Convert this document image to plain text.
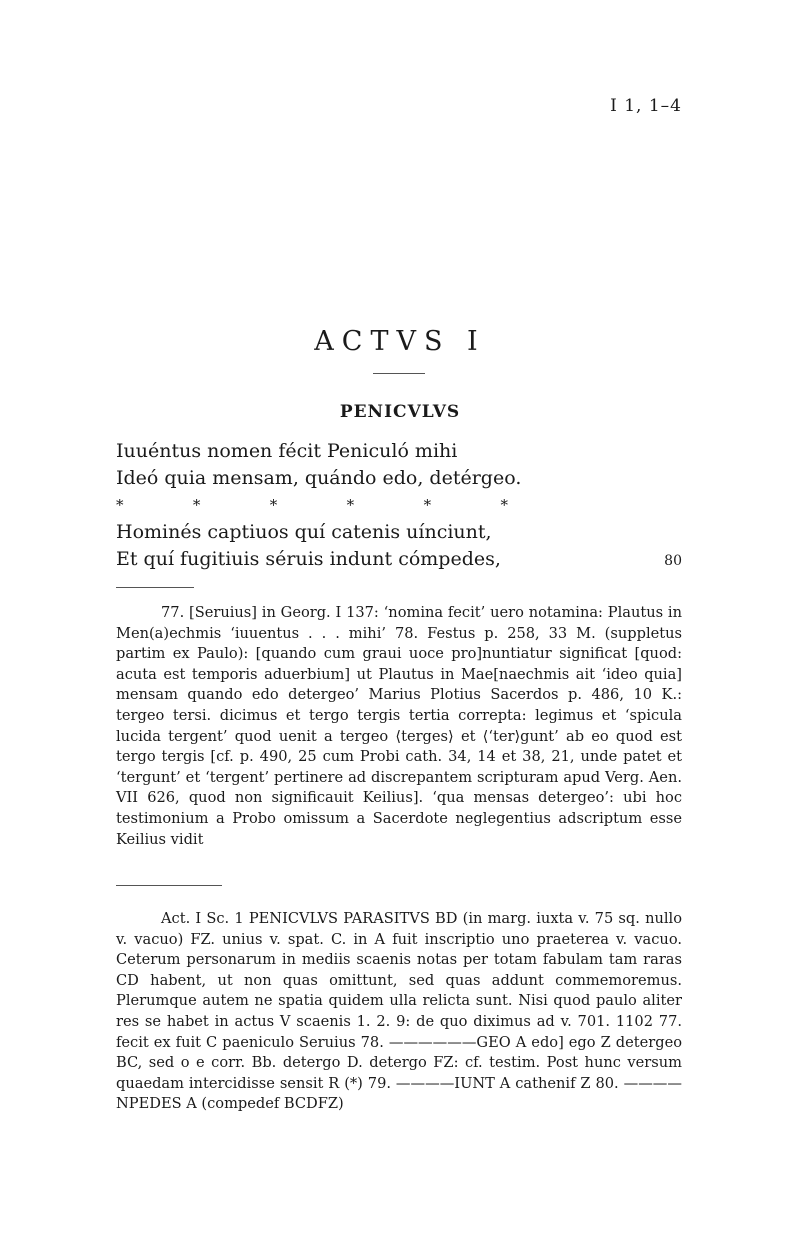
I 1, 1–4
ACTVS I
PENICVLVS
Iuuéntus nomen fécit Peniculó mihi
Ideó quia mensam, quándo edo, detérgeo.
*	*	*	*	*	*
Hominés captiuos quí catenis uínciunt,
Et quí fugitiuis séruis indunt cómpedes,	80

77. [Seruius] in Georg. I 137: ‘nomina fecit’ uero notamina: Plautus in Men(a)echmis ‘iuuentus . . . mihi’ 78. Festus p. 258, 33 M. (suppletus partim ex Paulo): [quando cum graui uoce pro]nuntiatur significat [quod: acuta est temporis aduerbium] ut Plautus in Mae[naechmis ait ‘ideo quia] mensam quando edo detergeo’ Marius Plotius Sacerdos p. 486, 10 K.: tergeo tersi. dicimus et tergo tergis tertia correpta: legimus et ‘spicula lucida tergent’ quod uenit a tergeo ⟨terges⟩ et ⟨‘ter⟩gunt’ ab eo quod est tergo tergis [cf. p. 490, 25 cum Probi cath. 34, 14 et 38, 21, unde patet et ‘tergunt’ et ‘tergent’ pertinere ad discrepantem scripturam apud Verg. Aen. VII 626, quod non significauit Keilius]. ‘qua mensas detergeo’: ubi hoc testimonium a Probo omissum a Sacerdote neglegentius adscriptum esse Keilius vidit

Act. I Sc. 1 PENICVLVS PARASITVS BD (in marg. iuxta v. 75 sq. nullo v. vacuo) FZ. unius v. spat. C. in A fuit inscriptio uno praeterea v. vacuo. Ceterum personarum in mediis scaenis notas per totam fabulam tam raras CD habent, ut non quas omittunt, sed quas addunt commemoremus. Plerumque autem ne spatia quidem ulla relicta sunt. Nisi quod paulo aliter res se habet in actus V scaenis 1. 2. 9: de quo diximus ad v. 701. 1102 77. fecit ex fuit C paeniculo Seruius 78. ——————GEO A edo] ego Z detergeo BC, sed o e corr. Bb. detergo D. detergo FZ: cf. testim. Post hunc versum quaedam intercidisse sensit R (*) 79. ————IUNT A cathenif Z 80. ————NPEDES A (compedef BCDFZ)
